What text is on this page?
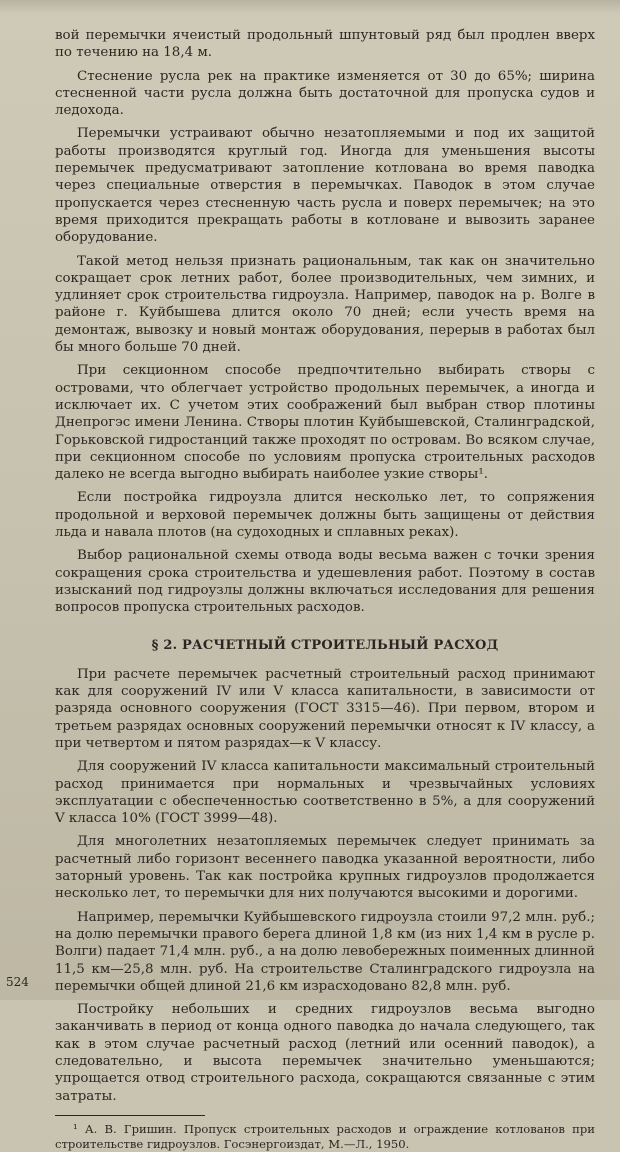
вой перемычки ячеистый продольный шпунтовый ряд был продлен вверх по течению на 18,4 м.

Стеснение русла рек на практике изменяется от 30 до 65%; ширина стесненной части русла должна быть достаточной для пропуска судов и ледохода.

Перемычки устраивают обычно незатопляемыми и под их защитой работы производятся круглый год. Иногда для уменьшения высоты перемычек предусматривают затопление котлована во время паводка через специальные отверстия в перемычках. Паводок в этом случае пропускается через стесненную часть русла и поверх перемычек; на это время приходится прекращать работы в котловане и вывозить заранее оборудование.

Такой метод нельзя признать рациональным, так как он значительно сокращает срок летних работ, более производительных, чем зимних, и удлиняет срок строительства гидроузла. Например, паводок на р. Волге в районе г. Куйбышева длится около 70 дней; если учесть время на демонтаж, вывозку и новый монтаж оборудования, перерыв в работах был бы много больше 70 дней.

При секционном способе предпочтительно выбирать створы с островами, что облегчает устройство продольных перемычек, а иногда и исключает их. С учетом этих соображений был выбран створ плотины Днепрогэс имени Ленина. Створы плотин Куйбышевской, Сталинградской, Горьковской гидростанций также проходят по островам. Во всяком случае, при секционном способе по условиям пропуска строительных расходов далеко не всегда выгодно выбирать наиболее узкие створы¹.

Если постройка гидроузла длится несколько лет, то сопряжения продольной и верховой перемычек должны быть защищены от действия льда и навала плотов (на судоходных и сплавных реках).

Выбор рациональной схемы отвода воды весьма важен с точки зрения сокращения срока строительства и удешевления работ. Поэтому в состав изысканий под гидроузлы должны включаться исследования для решения вопросов пропуска строительных расходов.

§ 2. РАСЧЕТНЫЙ СТРОИТЕЛЬНЫЙ РАСХОД

При расчете перемычек расчетный строительный расход принимают как для сооружений IV или V класса капитальности, в зависимости от разряда основного сооружения (ГОСТ 3315—46). При первом, втором и третьем разрядах основных сооружений перемычки относят к IV классу, а при четвертом и пятом разрядах—к V классу.

Для сооружений IV класса капитальности максимальный строительный расход принимается при нормальных и чрезвычайных условиях эксплуатации с обеспеченностью соответственно в 5%, а для сооружений V класса 10% (ГОСТ 3999—48).

Для многолетних незатопляемых перемычек следует принимать за расчетный либо горизонт весеннего паводка указанной вероятности, либо заторный уровень. Так как постройка крупных гидроузлов продолжается несколько лет, то перемычки для них получаются высокими и дорогими.

Например, перемычки Куйбышевского гидроузла стоили 97,2 млн. руб.; на долю перемычки правого берега длиной 1,8 км (из них 1,4 км в русле р. Волги) падает 71,4 млн. руб., а на долю левобережных поименных длинной 11,5 км—25,8 млн. руб. На строительстве Сталинградского гидроузла на перемычки общей длиной 21,6 км израсходовано 82,8 млн. руб.

Постройку небольших и средних гидроузлов весьма выгодно заканчивать в период от конца одного паводка до начала следующего, так как в этом случае расчетный расход (летний или осенний паводок), а следовательно, и высота перемычек значительно уменьшаются; упрощается отвод строительного расхода, сокращаются связанные с этим затраты.

¹ А. В. Гришин. Пропуск строительных расходов и ограждение котлованов при строительстве гидроузлов. Госэнергоиздат, М.—Л., 1950.

524
